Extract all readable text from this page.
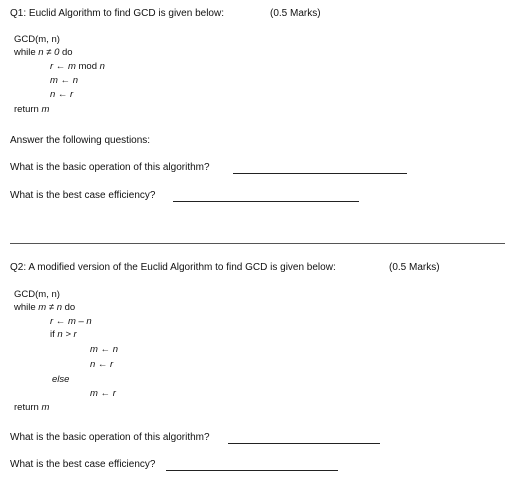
Q1: Euclid Algorithm to find GCD is given below:	(0.5 Marks)
GCD(m, n)
while n ≠ 0 do
r ← m mod n
m ← n
n ← r
return m
Answer the following questions:
What is the basic operation of this algorithm?
What is the best case efficiency?
Q2: A modified version of the Euclid Algorithm to find GCD is given below:	(0.5 Marks)
GCD(m, n)
while m ≠ n do
r ← m – n
if n > r
m ← n
n ← r
else
m ← r
return m
What is the basic operation of this algorithm?
What is the best case efficiency?
